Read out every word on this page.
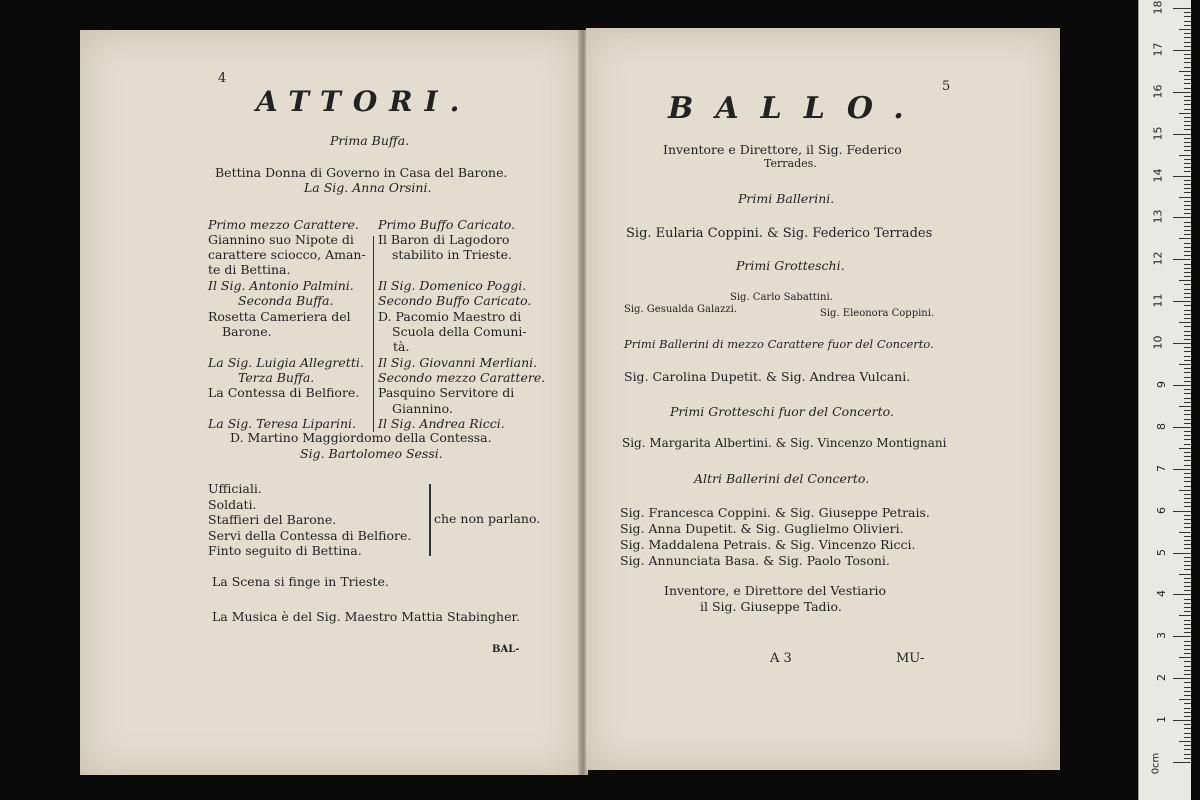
4
ATTORI.
Prima Buffa.
Bettina Donna di Governo in Casa del Barone.
La Sig. Anna Orsini.
Primo mezzo Carattere.
Giannino suo Nipote di
carattere sciocco, Aman-
te di Bettina.
Il Sig. Antonio Palmini.
Seconda Buffa.
Rosetta Cameriera del
Barone.
La Sig. Luigia Allegretti.
Terza Buffa.
La Contessa di Belfiore.
La Sig. Teresa Liparini.
Primo Buffo Caricato.
Il Baron di Lagodoro
stabilito in Trieste.
Il Sig. Domenico Poggi.
Secondo Buffo Caricato.
D. Pacomio Maestro di
Scuola della Comuni-
tà.
Il Sig. Giovanni Merliani.
Secondo mezzo Carattere.
Pasquino Servitore di
Giannino.
Il Sig. Andrea Ricci.
D. Martino Maggiordomo della Contessa.
Sig. Bartolomeo Sessi.
Ufficiali.
Soldati.
Staffieri del Barone.
Servi della Contessa di Belfiore.
Finto seguito di Bettina.
che non parlano.
La Scena si finge in Trieste.
La Musica è del Sig. Maestro Mattia Stabingher.
BAL-
5
BALLO.
Inventore e Direttore, il Sig. Federico
Terrades.
Primi Ballerini.
Sig. Eularia Coppini. & Sig. Federico Terrades
Primi Grotteschi.
Sig. Carlo Sabattini.
Sig. Gesualda Galazzi.	Sig. Eleonora Coppini.
Primi Ballerini di mezzo Carattere fuor del Concerto.
Sig. Carolina Dupetit. & Sig. Andrea Vulcani.
Primi Grotteschi fuor del Concerto.
Sig. Margarita Albertini. & Sig. Vincenzo Montignani
Altri Ballerini del Concerto.
Sig. Francesca Coppini. & Sig. Giuseppe Petrais.
Sig. Anna Dupetit. & Sig. Guglielmo Olivieri.
Sig. Maddalena Petrais. & Sig. Vincenzo Ricci.
Sig. Annunciata Basa. & Sig. Paolo Tosoni.
Inventore, e Direttore del Vestiario
il Sig. Giuseppe Tadio.
A 3	MU-
1
2
3
4
5
6
7
8
9
10
11
12
13
14
15
16
17
18
0cm
